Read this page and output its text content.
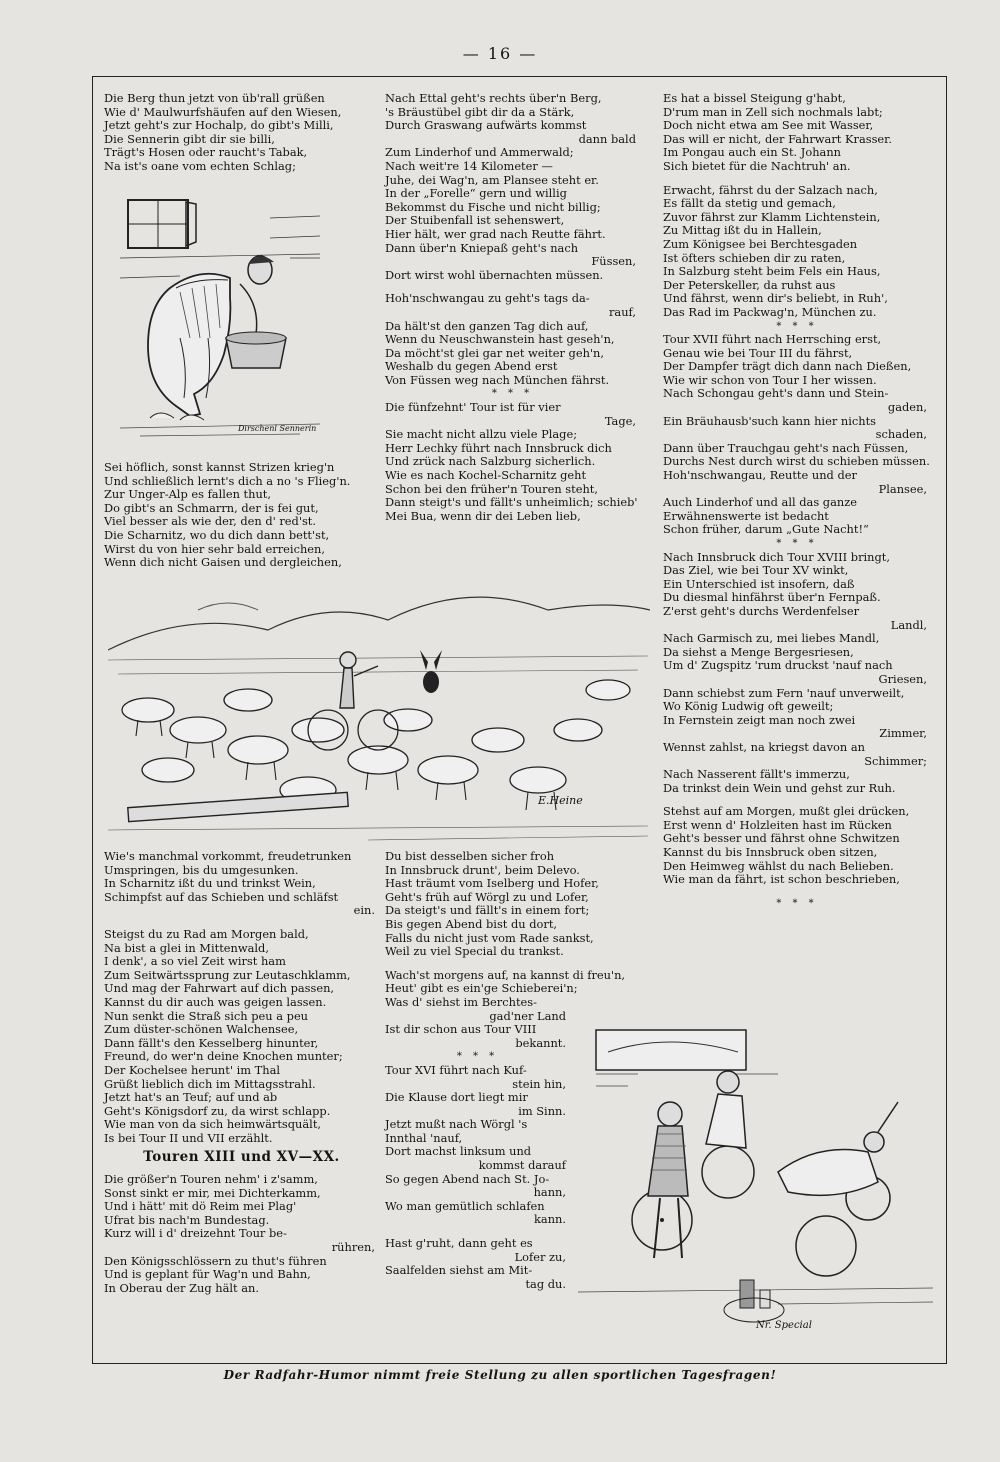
— 16 —
Die Berg thun jetzt von üb'rall grüßen
Wie d' Maulwurfshäufen auf den Wiesen,
Jetzt geht's zur Hochalp, do gibt's Milli,
Die Sennerin gibt dir sie billi,
Trägt's Hosen oder raucht's Tabak,
Na ist's oane vom echten Schlag;
Dirschenl Sennerin
Sei höflich, sonst kannst Strizen krieg'n
Und schließlich lernt's dich a no 's Flieg'n.
Zur Unger-Alp es fallen thut,
Do gibt's an Schmarrn, der is fei gut,
Viel besser als wie der, den d' red'st.
Die Scharnitz, wo du dich dann bett'st,
Wirst du von hier sehr bald erreichen,
Wenn dich nicht Gaisen und dergleichen,
Nach Ettal geht's rechts über'n Berg,
's Bräustübel gibt dir da a Stärk,
Durch Graswang aufwärts kommst
dann bald
Zum Linderhof und Ammerwald;
Nach weit're 14 Kilometer —
Juhe, dei Wag'n, am Plansee steht er.
In der „Forelle“ gern und willig
Bekommst du Fische und nicht billig;
Der Stuibenfall ist sehenswert,
Hier hält, wer grad nach Reutte fährt.
Dann über'n Kniepaß geht's nach
Füssen,
Dort wirst wohl übernachten müssen.
Hoh'nschwangau zu geht's tags da-
rauf,
Da hält'st den ganzen Tag dich auf,
Wenn du Neuschwanstein hast geseh'n,
Da möcht'st glei gar net weiter geh'n,
Weshalb du gegen Abend erst
Von Füssen weg nach München fährst.
* * *
Die fünfzehnt' Tour ist für vier
Tage,
Sie macht nicht allzu viele Plage;
Herr Lechky führt nach Innsbruck dich
Und zrück nach Salzburg sicherlich.
Wie es nach Kochel-Scharnitz geht
Schon bei den früher'n Touren steht,
Dann steigt's und fällt's unheimlich; schieb'
Mei Bua, wenn dir dei Leben lieb,
Es hat a bissel Steigung g'habt,
D'rum man in Zell sich nochmals labt;
Doch nicht etwa am See mit Wasser,
Das will er nicht, der Fahrwart Krasser.
Im Pongau auch ein St. Johann
Sich bietet für die Nachtruh' an.
Erwacht, fährst du der Salzach nach,
Es fällt da stetig und gemach,
Zuvor fährst zur Klamm Lichtenstein,
Zu Mittag ißt du in Hallein,
Zum Königsee bei Berchtesgaden
Ist öfters schieben dir zu raten,
In Salzburg steht beim Fels ein Haus,
Der Peterskeller, da ruhst aus
Und fährst, wenn dir's beliebt, in Ruh',
Das Rad im Packwag'n, München zu.
* * *
Tour XVII führt nach Herrsching erst,
Genau wie bei Tour III du fährst,
Der Dampfer trägt dich dann nach Dießen,
Wie wir schon von Tour I her wissen.
Nach Schongau geht's dann und Stein-
gaden,
Ein Bräuhausb'such kann hier nichts
schaden,
Dann über Trauchgau geht's nach Füssen,
Durchs Nest durch wirst du schieben müssen.
Hoh'nschwangau, Reutte und der
Plansee,
Auch Linderhof und all das ganze
Erwähnenswerte ist bedacht
Schon früher, darum „Gute Nacht!“
* * *
Nach Innsbruck dich Tour XVIII bringt,
Das Ziel, wie bei Tour XV winkt,
Ein Unterschied ist insofern, daß
Du diesmal hinfährst über'n Fernpaß.
Z'erst geht's durchs Werdenfelser
Landl,
Nach Garmisch zu, mei liebes Mandl,
Da siehst a Menge Bergesriesen,
Um d' Zugspitz 'rum druckst 'nauf nach
Griesen,
Dann schiebst zum Fern 'nauf unverweilt,
Wo König Ludwig oft geweilt;
In Fernstein zeigt man noch zwei
Zimmer,
Wennst zahlst, na kriegst davon an
Schimmer;
Nach Nasserent fällt's immerzu,
Da trinkst dein Wein und gehst zur Ruh.
Stehst auf am Morgen, mußt glei drücken,
Erst wenn d' Holzleiten hast im Rücken
Geht's besser und fährst ohne Schwitzen
Kannst du bis Innsbruck oben sitzen,
Den Heimweg wählst du nach Belieben.
Wie man da fährt, ist schon beschrieben,
* * *
E.Heine
Wie's manchmal vorkommt, freudetrunken
Umspringen, bis du umgesunken.
In Scharnitz ißt du und trinkst Wein,
Schimpfst auf das Schieben und schläfst
ein.
Steigst du zu Rad am Morgen bald,
Na bist a glei in Mittenwald,
I denk', a so viel Zeit wirst ham
Zum Seitwärtssprung zur Leutaschklamm,
Und mag der Fahrwart auf dich passen,
Kannst du dir auch was geigen lassen.
Nun senkt die Straß sich peu a peu
Zum düster-schönen Walchensee,
Dann fällt's den Kesselberg hinunter,
Freund, do wer'n deine Knochen munter;
Der Kochelsee herunt' im Thal
Grüßt lieblich dich im Mittagsstrahl.
Jetzt hat's an Teuf; auf und ab
Geht's Königsdorf zu, da wirst schlapp.
Wie man von da sich heimwärtsquält,
Is bei Tour II und VII erzählt.
Touren XIII und XV—XX.
Die größer'n Touren nehm' i z'samm,
Sonst sinkt er mir, mei Dichterkamm,
Und i hätt' mit dö Reim mei Plag'
Ufrat bis nach'm Bundestag.
Kurz will i d' dreizehnt Tour be-
rühren,
Den Königsschlössern zu thut's führen
Und is geplant für Wag'n und Bahn,
In Oberau der Zug hält an.
Du bist desselben sicher froh
In Innsbruck drunt', beim Delevo.
Hast träumt vom Iselberg und Hofer,
Geht's früh auf Wörgl zu und Lofer,
Da steigt's und fällt's in einem fort;
Bis gegen Abend bist du dort,
Falls du nicht just vom Rade sankst,
Weil zu viel Special du trankst.
Wach'st morgens auf, na kannst di freu'n,
Heut' gibt es ein'ge Schieberei'n;
Was d' siehst im Berchtes-
gad'ner Land
Ist dir schon aus Tour VIII
bekannt.
* * *
Tour XVI führt nach Kuf-
stein hin,
Die Klause dort liegt mir
im Sinn.
Jetzt mußt nach Wörgl 's
Innthal 'nauf,
Dort machst linksum und
kommst darauf
So gegen Abend nach St. Jo-
hann,
Wo man gemütlich schlafen
kann.
Hast g'ruht, dann geht es
Lofer zu,
Saalfelden siehst am Mit-
tag du.
Nr. Special
Der Radfahr-Humor nimmt freie Stellung zu allen sportlichen Tagesfragen!
